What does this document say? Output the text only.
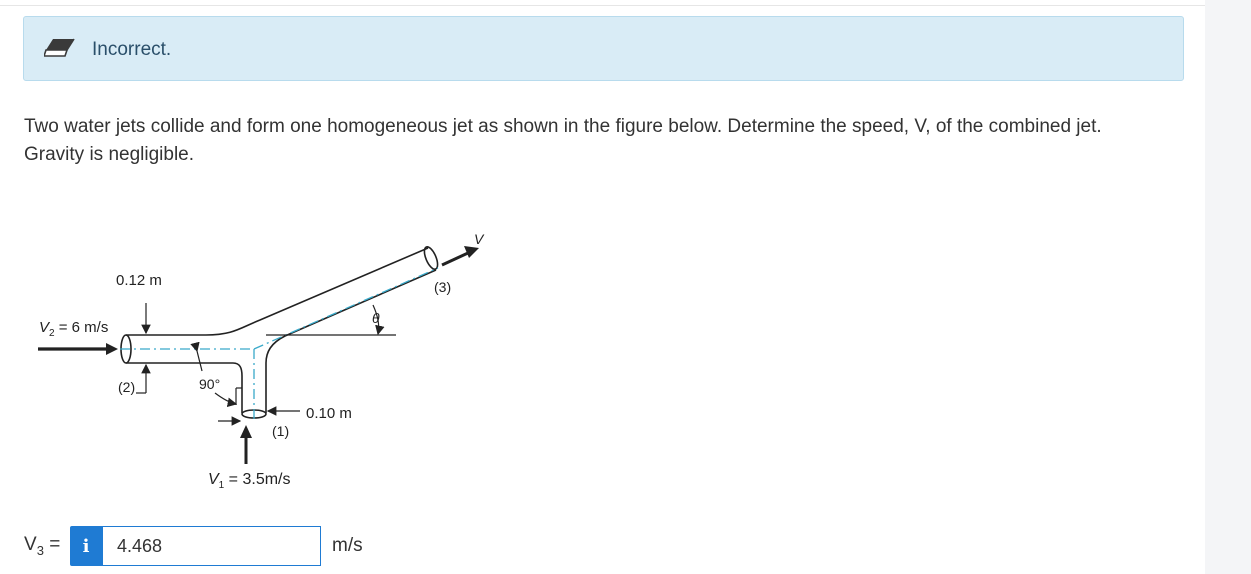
Incorrect.
Two water jets collide and form one homogeneous jet as shown in the figure below. Determine the speed, V, of the combined jet. Gravity is negligible.
0.12 m
$V_2 = 6$ m/s
(2)	90°
0.10 m
(1)
$V_1 = 3.5m/s$
θ
(3)
V
$V_3 = i$
4.468	m/s
